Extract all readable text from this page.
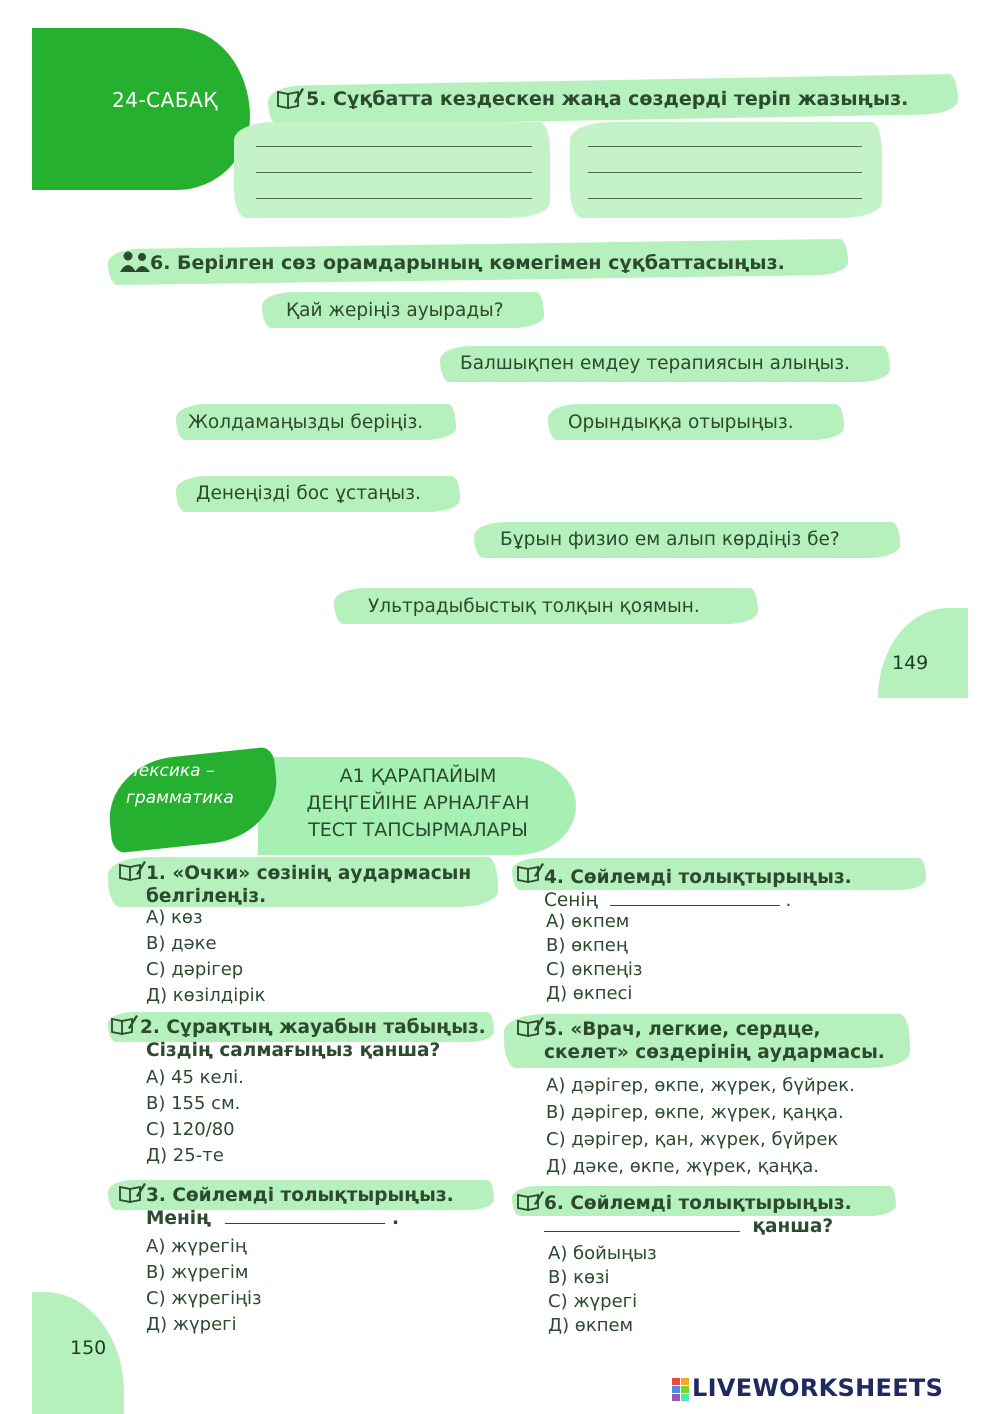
24-САБАҚ	5. Сұқбатта кездескен жаңа сөздерді теріп жазыңыз.
6. Берілген сөз орамдарының көмегімен сұқбаттасыңыз.
Қай жеріңіз ауырады?
Балшықпен емдеу терапиясын алыңыз.
Жолдамаңызды беріңіз.	Орындыққа отырыңыз.
Денеңізді бос ұстаңыз.
Бұрын физио ем алып көрдіңіз бе?
Ультрадыбыстық толқын қоямын.
149
Лексика –
грамматика
А1 ҚАРАПАЙЫМ
ДЕҢГЕЙІНЕ АРНАЛҒАН
ТЕСТ ТАПСЫРМАЛАРЫ
1. «Очки» сөзінің аудармасын
белгілеңіз.
А) көз
В) дәке
С) дәрігер
Д) көзілдірік
2. Сұрақтың жауабын табыңыз.
Сіздің салмағыңыз қанша?
А) 45 келі.
В) 155 см.
С) 120/80
Д) 25-те
3. Сөйлемді толықтырыңыз.
Менің	.
А) жүрегің
В) жүрегім
С) жүрегіңіз
Д) жүрегі
4. Сөйлемді толықтырыңыз.
Сенің	.
А) өкпем
В) өкпең
С) өкпеңіз
Д) өкпесі
5. «Врач, легкие, сердце,
скелет» сөздерінің аудармасы.
А) дәрігер, өкпе, жүрек, бүйрек.
В) дәрігер, өкпе, жүрек, қаңқа.
С) дәрігер, қан, жүрек, бүйрек
Д) дәке, өкпе, жүрек, қаңқа.
6. Сөйлемді толықтырыңыз.
қанша?
А) бойыңыз
В) көзі
С) жүрегі
Д) өкпем
150
LIVEWORKSHEETS
